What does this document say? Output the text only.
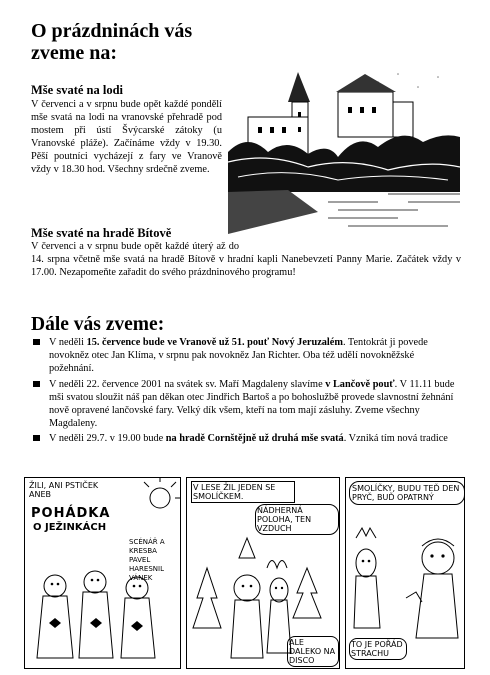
O prázdninách vás zveme na:
Mše svaté na lodi

V červenci a v srpnu bude opět každé pondělí mše svatá na lodi na vranovské přehradě pod mostem při ústí Švýcarské zátoky (u Vranovské pláže). Začínáme vždy v 19.30. Pěší poutníci vycházejí z fary ve Vranově vždy v 18.30 hod. Všechny srdečně zveme.

Mše svaté na hradě Bítově

V červenci a v srpnu bude opět každé úterý až do 14. srpna včetně mše svatá na hradě Bítově v hradní kapli Nanebevzetí Panny Marie. Začátek vždy v 17.00. Nezapomeňte zařadit do svého prázdninového programu!

Dále vás zveme:
V neděli 15. července bude ve Vranově už 51. pouť Nový Jeruzalém. Tentokrát ji povede novokněz otec Jan Klíma, v srpnu pak novokněz Jan Richter. Oba též udělí novokněžské požehnání.
V neděli 22. července 2001 na svátek sv. Maří Magdaleny slavíme v Lančově pouť. V 11.11 bude mši svatou sloužit náš pan děkan otec Jindřich Bartoš a po bohoslužbě provede slavnostní žehnání nově opravené lančovské fary. Velký dík všem, kteří na tom mají zásluhy. Zveme všechny Magdaleny.
V neděli 29.7. v 19.00 bude na hradě Cornštějně už druhá mše svatá. Vzniká tím nová tradice
ŽILI, ANI PSTIČEK ANEB
POHÁDKA
O JEŽINKÁCH
SCÉNÁŘ A KRESBA PAVEL HARESNIL VÁNEK
V LESE ŽIL JEDEN SE SMOLÍČKEM.
NÁDHERNÁ POLOHA, TEN VZDUCH
ALE DALEKO NA DISCO
SMOLÍČKY, BUDU TEĎ DEN PRYČ, BUĎ OPATRNÝ
TO JE POŘÁD STRACHU
